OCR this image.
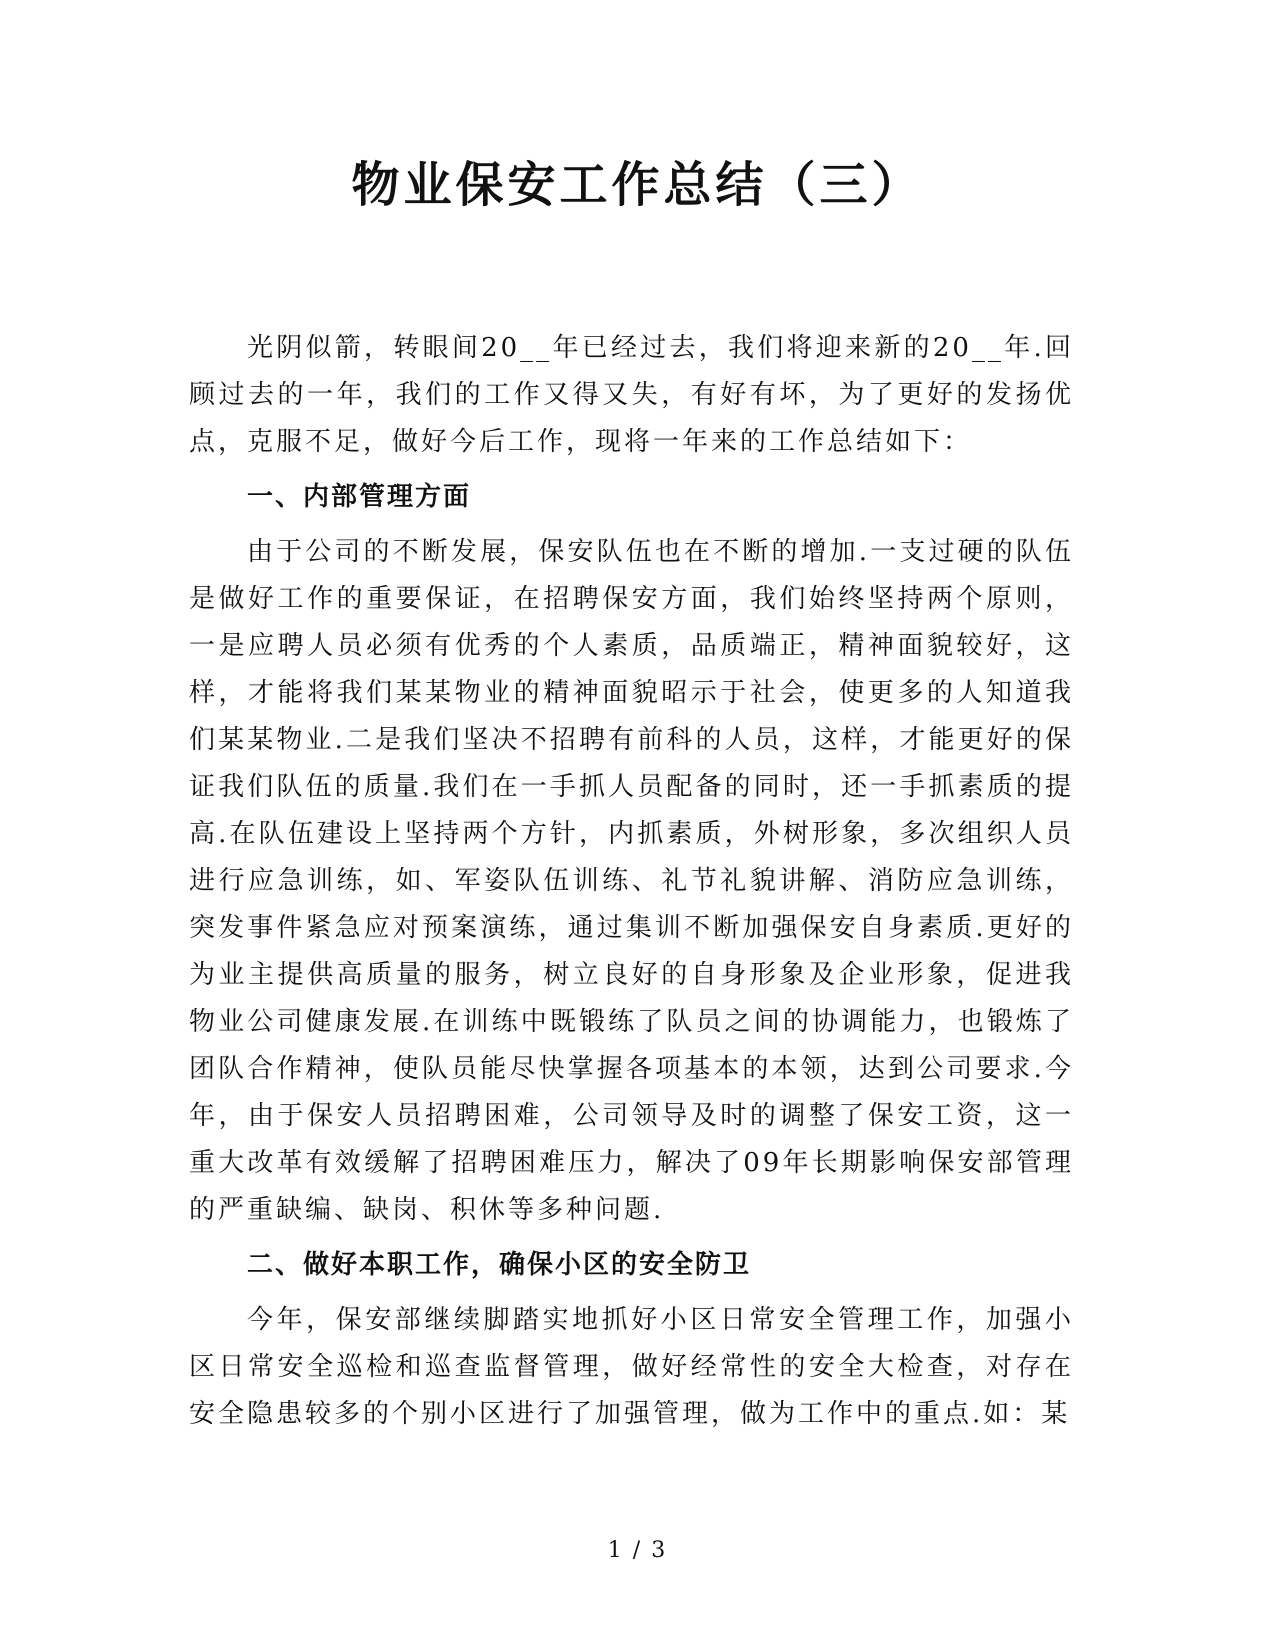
物业保安工作总结（三）

光阴似箭，转眼间20__年已经过去，我们将迎来新的20__年.回顾过去的一年，我们的工作又得又失，有好有坏，为了更好的发扬优点，克服不足，做好今后工作，现将一年来的工作总结如下：

一、内部管理方面

由于公司的不断发展，保安队伍也在不断的增加.一支过硬的队伍是做好工作的重要保证，在招聘保安方面，我们始终坚持两个原则，一是应聘人员必须有优秀的个人素质，品质端正，精神面貌较好，这样，才能将我们某某物业的精神面貌昭示于社会，使更多的人知道我们某某物业.二是我们坚决不招聘有前科的人员，这样，才能更好的保证我们队伍的质量.我们在一手抓人员配备的同时，还一手抓素质的提高.在队伍建设上坚持两个方针，内抓素质，外树形象，多次组织人员进行应急训练，如、军姿队伍训练、礼节礼貌讲解、消防应急训练，突发事件紧急应对预案演练，通过集训不断加强保安自身素质.更好的为业主提供高质量的服务，树立良好的自身形象及企业形象，促进我物业公司健康发展.在训练中既锻练了队员之间的协调能力，也锻炼了团队合作精神，使队员能尽快掌握各项基本的本领，达到公司要求.今年，由于保安人员招聘困难，公司领导及时的调整了保安工资，这一重大改革有效缓解了招聘困难压力，解决了09年长期影响保安部管理的严重缺编、缺岗、积休等多种问题.

二、做好本职工作，确保小区的安全防卫

今年，保安部继续脚踏实地抓好小区日常安全管理工作，加强小区日常安全巡检和巡查监督管理，做好经常性的安全大检查，对存在安全隐患较多的个别小区进行了加强管理，做为工作中的重点.如：某

1 / 3
